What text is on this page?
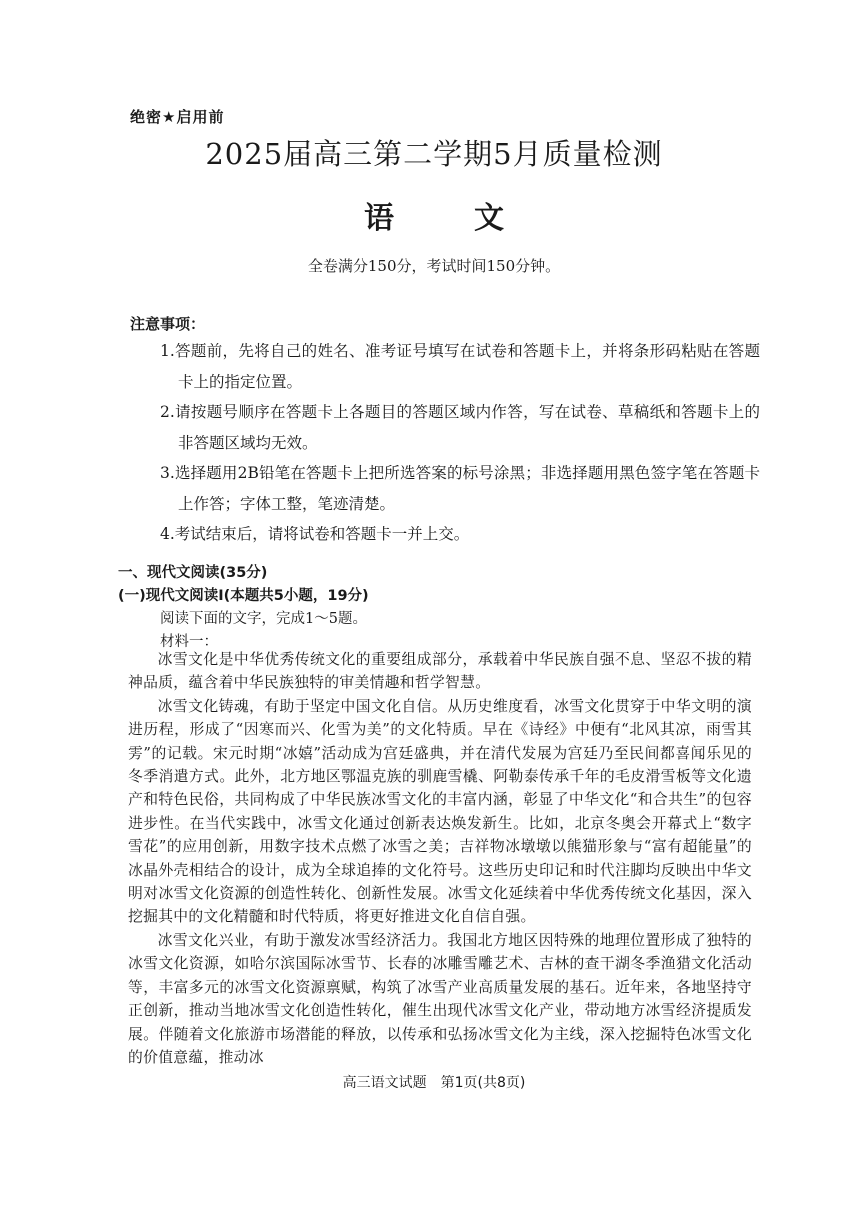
绝密★启用前
2025届高三第二学期5月质量检测
语	文
全卷满分150分，考试时间150分钟。
注意事项：
1.答题前，先将自己的姓名、准考证号填写在试卷和答题卡上，并将条形码粘贴在答题卡上的指定位置。
2.请按题号顺序在答题卡上各题目的答题区域内作答，写在试卷、草稿纸和答题卡上的非答题区域均无效。
3.选择题用2B铅笔在答题卡上把所选答案的标号涂黑；非选择题用黑色签字笔在答题卡上作答；字体工整，笔迹清楚。
4.考试结束后，请将试卷和答题卡一并上交。
一、现代文阅读(35分)
(一)现代文阅读Ⅰ(本题共5小题，19分)
阅读下面的文字，完成1～5题。
材料一：

冰雪文化是中华优秀传统文化的重要组成部分，承载着中华民族自强不息、坚忍不拔的精神品质，蕴含着中华民族独特的审美情趣和哲学智慧。

冰雪文化铸魂，有助于坚定中国文化自信。从历史维度看，冰雪文化贯穿于中华文明的演进历程，形成了“因寒而兴、化雪为美”的文化特质。早在《诗经》中便有“北风其凉，雨雪其雱”的记载。宋元时期“冰嬉”活动成为宫廷盛典，并在清代发展为宫廷乃至民间都喜闻乐见的冬季消遣方式。此外，北方地区鄂温克族的驯鹿雪橇、阿勒泰传承千年的毛皮滑雪板等文化遗产和特色民俗，共同构成了中华民族冰雪文化的丰富内涵，彰显了中华文化“和合共生”的包容进步性。在当代实践中，冰雪文化通过创新表达焕发新生。比如，北京冬奥会开幕式上“数字雪花”的应用创新，用数字技术点燃了冰雪之美；吉祥物冰墩墩以熊猫形象与“富有超能量”的冰晶外壳相结合的设计，成为全球追捧的文化符号。这些历史印记和时代注脚均反映出中华文明对冰雪文化资源的创造性转化、创新性发展。冰雪文化延续着中华优秀传统文化基因，深入挖掘其中的文化精髓和时代特质，将更好推进文化自信自强。

冰雪文化兴业，有助于激发冰雪经济活力。我国北方地区因特殊的地理位置形成了独特的冰雪文化资源，如哈尔滨国际冰雪节、长春的冰雕雪雕艺术、吉林的查干湖冬季渔猎文化活动等，丰富多元的冰雪文化资源禀赋，构筑了冰雪产业高质量发展的基石。近年来，各地坚持守正创新，推动当地冰雪文化创造性转化，催生出现代冰雪文化产业，带动地方冰雪经济提质发展。伴随着文化旅游市场潜能的释放，以传承和弘扬冰雪文化为主线，深入挖掘特色冰雪文化的价值意蕴，推动冰

高三语文试题　第1页(共8页)
